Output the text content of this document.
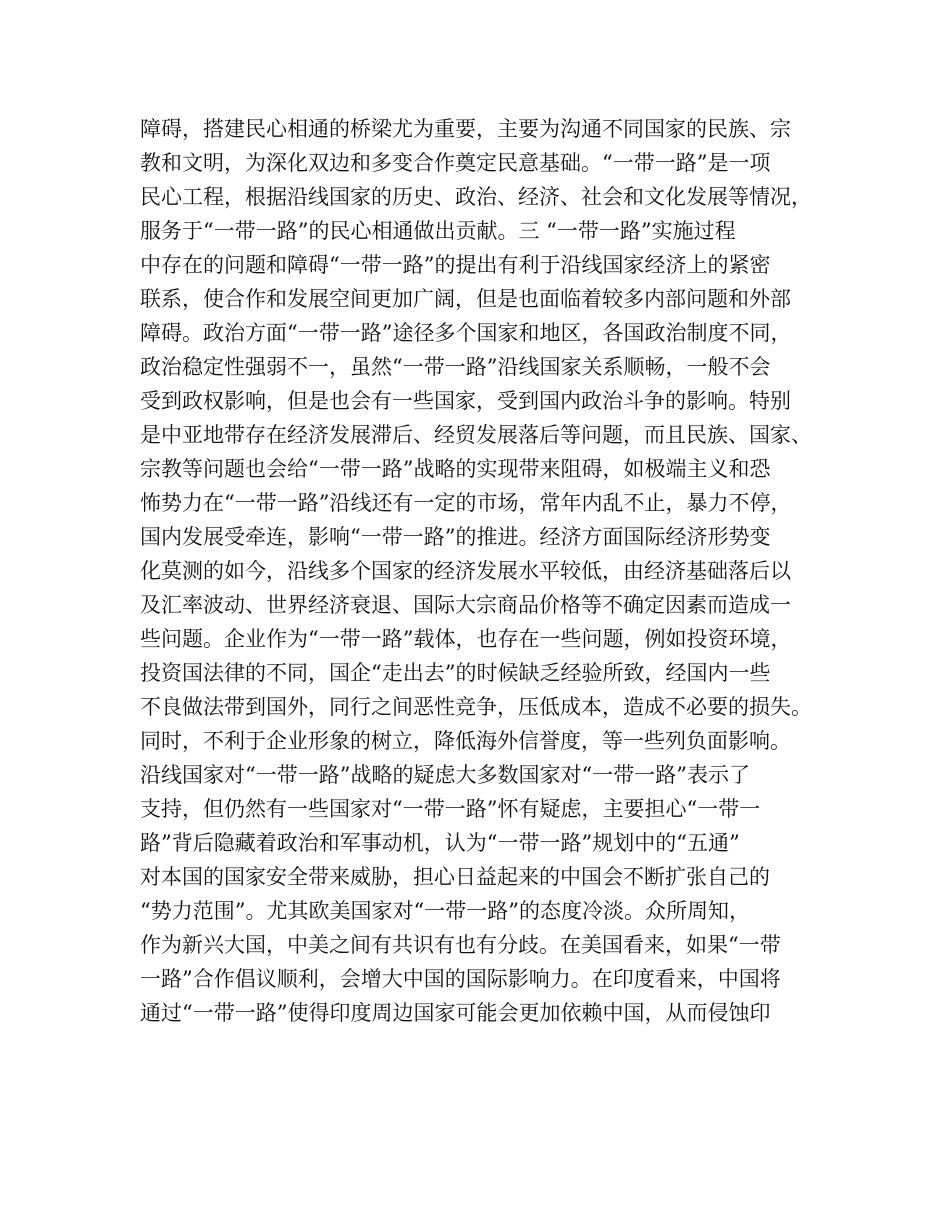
障碍，搭建民心相通的桥梁尤为重要，主要为沟通不同国家的民族、宗
教和文明，为深化双边和多变合作奠定民意基础。“一带一路”是一项
民心工程，根据沿线国家的历史、政治、经济、社会和文化发展等情况，
服务于“一带一路”的民心相通做出贡献。三 “一带一路”实施过程
中存在的问题和障碍“一带一路”的提出有利于沿线国家经济上的紧密
联系，使合作和发展空间更加广阔，但是也面临着较多内部问题和外部
障碍。政治方面“一带一路”途径多个国家和地区，各国政治制度不同，
政治稳定性强弱不一，虽然“一带一路”沿线国家关系顺畅，一般不会
受到政权影响，但是也会有一些国家，受到国内政治斗争的影响。特别
是中亚地带存在经济发展滞后、经贸发展落后等问题，而且民族、国家、
宗教等问题也会给“一带一路”战略的实现带来阻碍，如极端主义和恐
怖势力在“一带一路”沿线还有一定的市场，常年内乱不止，暴力不停，
国内发展受牵连，影响“一带一路”的推进。经济方面国际经济形势变
化莫测的如今，沿线多个国家的经济发展水平较低，由经济基础落后以
及汇率波动、世界经济衰退、国际大宗商品价格等不确定因素而造成一
些问题。企业作为“一带一路”载体，也存在一些问题，例如投资环境，
投资国法律的不同，国企“走出去”的时候缺乏经验所致，经国内一些
不良做法带到国外，同行之间恶性竞争，压低成本，造成不必要的损失。
同时，不利于企业形象的树立，降低海外信誉度，等一些列负面影响。
沿线国家对“一带一路”战略的疑虑大多数国家对“一带一路”表示了
支持，但仍然有一些国家对“一带一路”怀有疑虑，主要担心“一带一
路”背后隐藏着政治和军事动机，认为“一带一路”规划中的“五通”
对本国的国家安全带来威胁，担心日益起来的中国会不断扩张自己的
“势力范围”。尤其欧美国家对“一带一路”的态度冷淡。众所周知，
作为新兴大国，中美之间有共识有也有分歧。在美国看来，如果“一带
一路”合作倡议顺利，会增大中国的国际影响力。在印度看来，中国将
通过“一带一路”使得印度周边国家可能会更加依赖中国，从而侵蚀印
